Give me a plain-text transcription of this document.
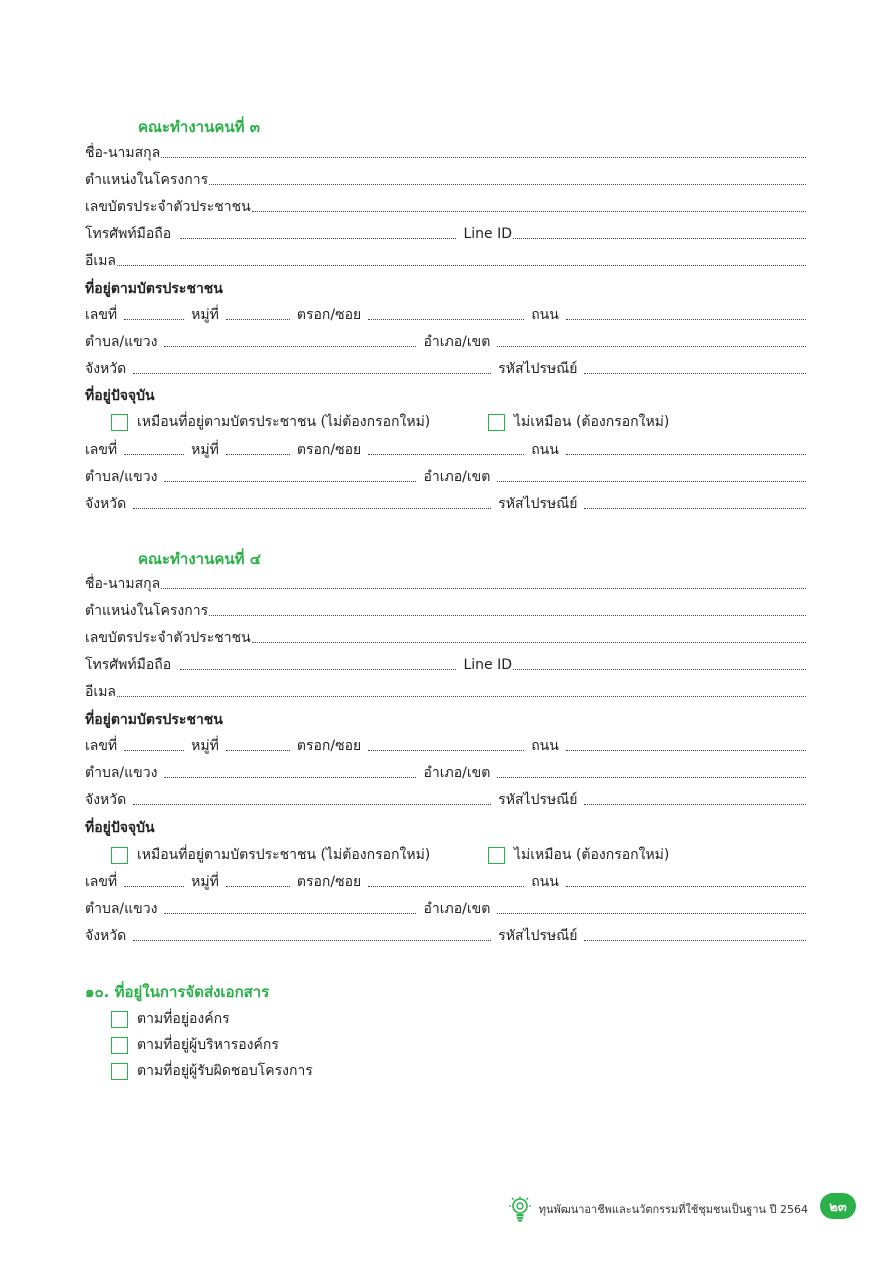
คณะทำงานคนที่ ๓
ชื่อ-นามสกุล
ตำแหน่งในโครงการ
เลขบัตรประจำตัวประชาชน
โทรศัพท์มือถือ	Line ID
อีเมล
ที่อยู่ตามบัตรประชาชน
เลขที่	หมู่ที่	ตรอก/ซอย	ถนน
ตำบล/แขวง	อำเภอ/เขต
จังหวัด	รหัสไปรษณีย์
ที่อยู่ปัจจุบัน
เหมือนที่อยู่ตามบัตรประชาชน (ไม่ต้องกรอกใหม่)	ไม่เหมือน (ต้องกรอกใหม่)
เลขที่	หมู่ที่	ตรอก/ซอย	ถนน
ตำบล/แขวง	อำเภอ/เขต
จังหวัด	รหัสไปรษณีย์
คณะทำงานคนที่ ๔
ชื่อ-นามสกุล
ตำแหน่งในโครงการ
เลขบัตรประจำตัวประชาชน
โทรศัพท์มือถือ	Line ID
อีเมล
ที่อยู่ตามบัตรประชาชน
เลขที่	หมู่ที่	ตรอก/ซอย	ถนน
ตำบล/แขวง	อำเภอ/เขต
จังหวัด	รหัสไปรษณีย์
ที่อยู่ปัจจุบัน
เหมือนที่อยู่ตามบัตรประชาชน (ไม่ต้องกรอกใหม่)	ไม่เหมือน (ต้องกรอกใหม่)
เลขที่	หมู่ที่	ตรอก/ซอย	ถนน
ตำบล/แขวง	อำเภอ/เขต
จังหวัด	รหัสไปรษณีย์
๑๐. ที่อยู่ในการจัดส่งเอกสาร
ตามที่อยู่องค์กร
ตามที่อยู่ผู้บริหารองค์กร
ตามที่อยู่ผู้รับผิดชอบโครงการ
ทุนพัฒนาอาชีพและนวัตกรรมที่ใช้ชุมชนเป็นฐาน ปี 2564	๒๓
